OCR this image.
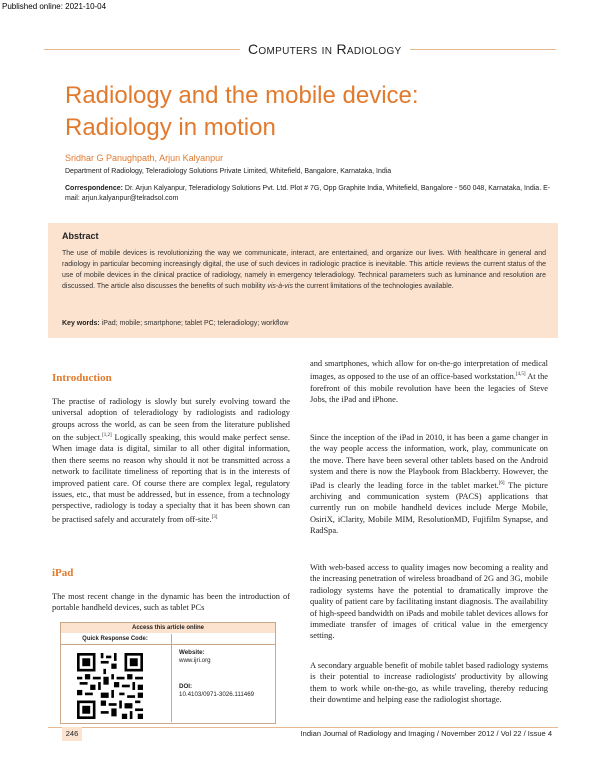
Published online: 2021-10-04
Computers in Radiology
Radiology and the mobile device:
Radiology in motion
Sridhar G Panughpath, Arjun Kalyanpur
Department of Radiology, Teleradiology Solutions Private Limited, Whitefield, Bangalore, Karnataka, India
Correspondence: Dr. Arjun Kalyanpur, Teleradiology Solutions Pvt. Ltd. Plot # 7G, Opp Graphite India, Whitefield, Bangalore - 560 048, Karnataka, India. E-mail: arjun.kalyanpur@telradsol.com
Abstract
The use of mobile devices is revolutionizing the way we communicate, interact, are entertained, and organize our lives. With healthcare in general and radiology in particular becoming increasingly digital, the use of such devices in radiologic practice is inevitable. This article reviews the current status of the use of mobile devices in the clinical practice of radiology, namely in emergency teleradiology. Technical parameters such as luminance and resolution are discussed. The article also discusses the benefits of such mobility vis-à-vis the current limitations of the technologies available.
Key words: iPad; mobile; smartphone; tablet PC; teleradiology; workflow
Introduction
The practise of radiology is slowly but surely evolving toward the universal adoption of teleradiology by radiologists and radiology groups across the world, as can be seen from the literature published on the subject.[1,2] Logically speaking, this would make perfect sense. When image data is digital, similar to all other digital information, then there seems no reason why should it not be transmitted across a network to facilitate timeliness of reporting that is in the interests of improved patient care. Of course there are complex legal, regulatory issues, etc., that must be addressed, but in essence, from a technology perspective, radiology is today a specialty that it has been shown can be practised safely and accurately from off-site.[3]
iPad
The most recent change in the dynamic has been the introduction of portable handheld devices, such as tablet PCs
and smartphones, which allow for on-the-go interpretation of medical images, as opposed to the use of an office-based workstation.[4,5] At the forefront of this mobile revolution have been the legacies of Steve Jobs, the iPad and iPhone.
Since the inception of the iPad in 2010, it has been a game changer in the way people access the information, work, play, communicate on the move. There have been several other tablets based on the Android system and there is now the Playbook from Blackberry. However, the iPad is clearly the leading force in the tablet market.[6] The picture archiving and communication system (PACS) applications that currently run on mobile handheld devices include Merge Mobile, OsiriX, iClarity, Mobile MIM, ResolutionMD, Fujifilm Synapse, and RadSpa.
With web-based access to quality images now becoming a reality and the increasing penetration of wireless broadband of 2G and 3G, mobile radiology systems have the potential to dramatically improve the quality of patient care by facilitating instant diagnosis. The availability of high-speed bandwidth on iPads and mobile tablet devices allows for immediate transfer of images of critical value in the emergency setting.
A secondary arguable benefit of mobile tablet based radiology systems is their potential to increase radiologists' productivity by allowing them to work while on-the-go, as while traveling, thereby reducing their downtime and helping ease the radiologist shortage.
Access this article online
Quick Response Code:
Website:
www.ijri.org
DOI:
10.4103/0971-3026.111469
246	Indian Journal of Radiology and Imaging / November 2012 / Vol 22 / Issue 4
